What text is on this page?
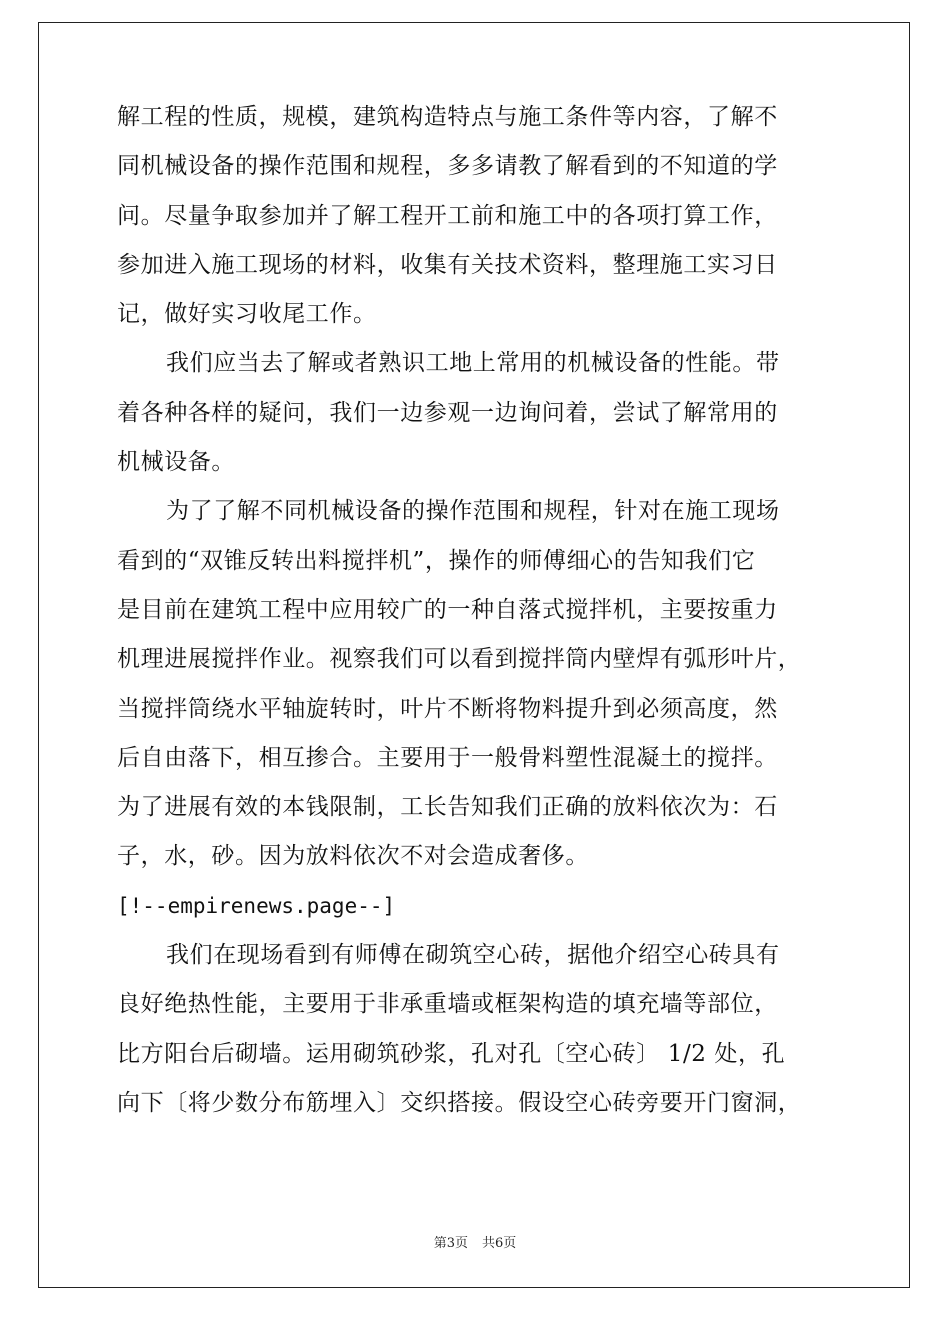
解工程的性质，规模，建筑构造特点与施工条件等内容，了解不
同机械设备的操作范围和规程，多多请教了解看到的不知道的学
问。尽量争取参加并了解工程开工前和施工中的各项打算工作，
参加进入施工现场的材料，收集有关技术资料，整理施工实习日
记，做好实习收尾工作。
我们应当去了解或者熟识工地上常用的机械设备的性能。带
着各种各样的疑问，我们一边参观一边询问着，尝试了解常用的
机械设备。
为了了解不同机械设备的操作范围和规程，针对在施工现场
看到的“双锥反转出料搅拌机”，操作的师傅细心的告知我们它
是目前在建筑工程中应用较广的一种自落式搅拌机，主要按重力
机理进展搅拌作业。视察我们可以看到搅拌筒内壁焊有弧形叶片，
当搅拌筒绕水平轴旋转时，叶片不断将物料提升到必须高度，然
后自由落下，相互掺合。主要用于一般骨料塑性混凝土的搅拌。
为了进展有效的本钱限制，工长告知我们正确的放料依次为：石
子，水，砂。因为放料依次不对会造成奢侈。
[!--empirenews.page--]
我们在现场看到有师傅在砌筑空心砖，据他介绍空心砖具有
良好绝热性能，主要用于非承重墙或框架构造的填充墙等部位，
比方阳台后砌墙。运用砌筑砂浆，孔对孔〔空心砖〕 1/2 处，孔
向下〔将少数分布筋埋入〕交织搭接。假设空心砖旁要开门窗洞，
第3页 共6页
